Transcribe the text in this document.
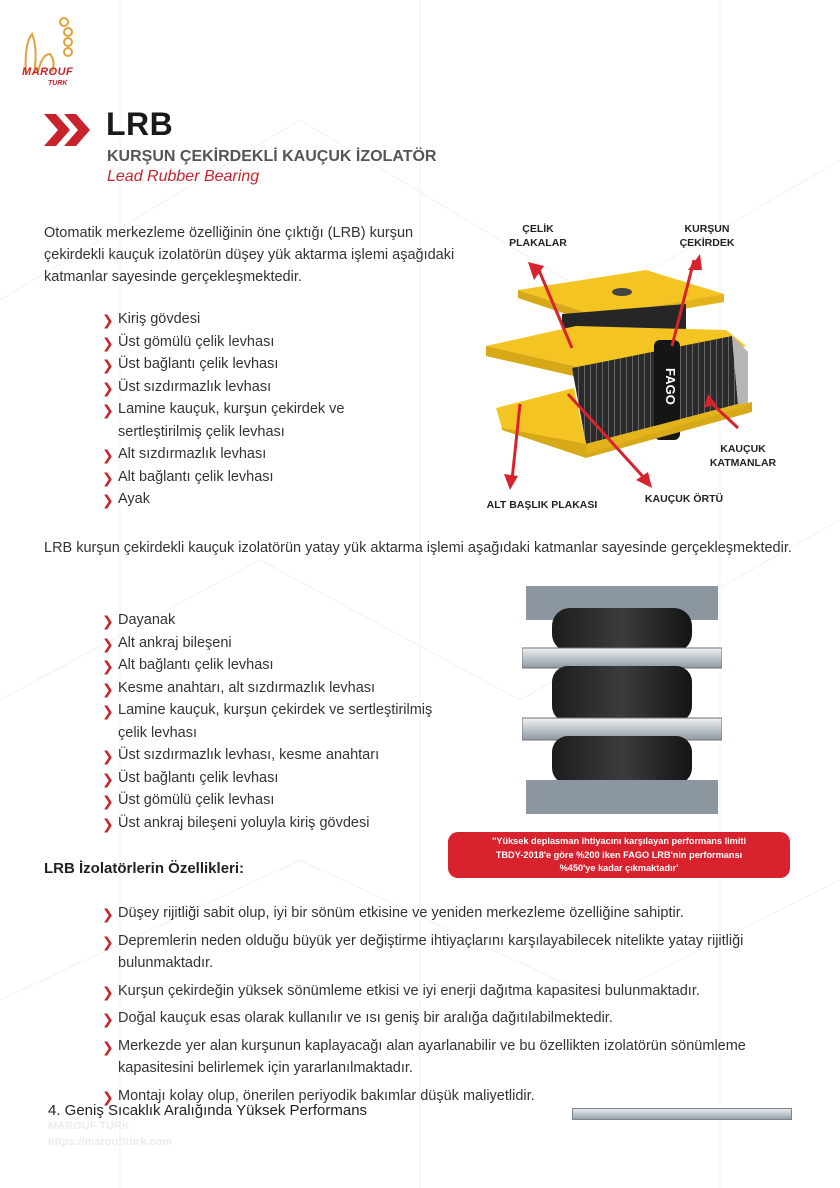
MAROUF
TURK
LRB
KURŞUN ÇEKİRDEKLİ KAUÇUK İZOLATÖR
Lead Rubber Bearing
Otomatik merkezleme özelliğinin öne çıktığı (LRB) kurşun çekirdekli kauçuk izolatörün düşey yük aktarma işlemi aşağıdaki katmanlar sayesinde gerçekleşmektedir.
❯ Kiriş gövdesi
❯ Üst gömülü çelik levhası
❯ Üst bağlantı çelik levhası
❯ Üst sızdırmazlık levhası
❯ Lamine kauçuk, kurşun çekirdek ve sertleştirilmiş çelik levhası
❯ Alt sızdırmazlık levhası
❯ Alt bağlantı çelik levhası
❯ Ayak
FAGO
ÇELİK PLAKALAR
KURŞUN ÇEKİRDEK
KAUÇUK KATMANLAR
ALT BAŞLIK PLAKASI	KAUÇUK ÖRTÜ
LRB kurşun çekirdekli kauçuk izolatörün yatay yük aktarma işlemi aşağıdaki katmanlar sayesinde gerçekleşmektedir.
❯ Dayanak
❯ Alt ankraj bileşeni
❯ Alt bağlantı çelik levhası
❯ Kesme anahtarı, alt sızdırmazlık levhası
❯ Lamine kauçuk, kurşun çekirdek ve sertleştirilmiş çelik levhası
❯ Üst sızdırmazlık levhası, kesme anahtarı
❯ Üst bağlantı çelik levhası
❯ Üst gömülü çelik levhası
❯ Üst ankraj bileşeni yoluyla kiriş gövdesi
''Yüksek deplasman ihtiyacını karşılayan performans limiti
TBDY-2018'e göre %200 iken FAGO LRB'nin performansı
%450'ye kadar çıkmaktadır'
LRB İzolatörlerin Özellikleri:
❯ Düşey rijitliği sabit olup, iyi bir sönüm etkisine ve yeniden merkezleme özelliğine sahiptir.
❯ Depremlerin neden olduğu büyük yer değiştirme ihtiyaçlarını karşılayabilecek nitelikte yatay rijitliği bulunmaktadır.
❯ Kurşun çekirdeğin yüksek sönümleme etkisi ve iyi enerji dağıtma kapasitesi bulunmaktadır.
❯ Doğal kauçuk esas olarak kullanılır ve ısı geniş bir aralığa dağıtılabilmektedir.
❯ Merkezde yer alan kurşunun kaplayacağı alan ayarlanabilir ve bu özellikten izolatörün sönümleme kapasitesini belirlemek için yararlanılmaktadır.
❯ Montajı kolay olup, önerilen periyodik bakımlar düşük maliyetlidir.
4. Geniş Sıcaklık Aralığında Yüksek Performans
MAROUF TURK
https://marouftturk.com
